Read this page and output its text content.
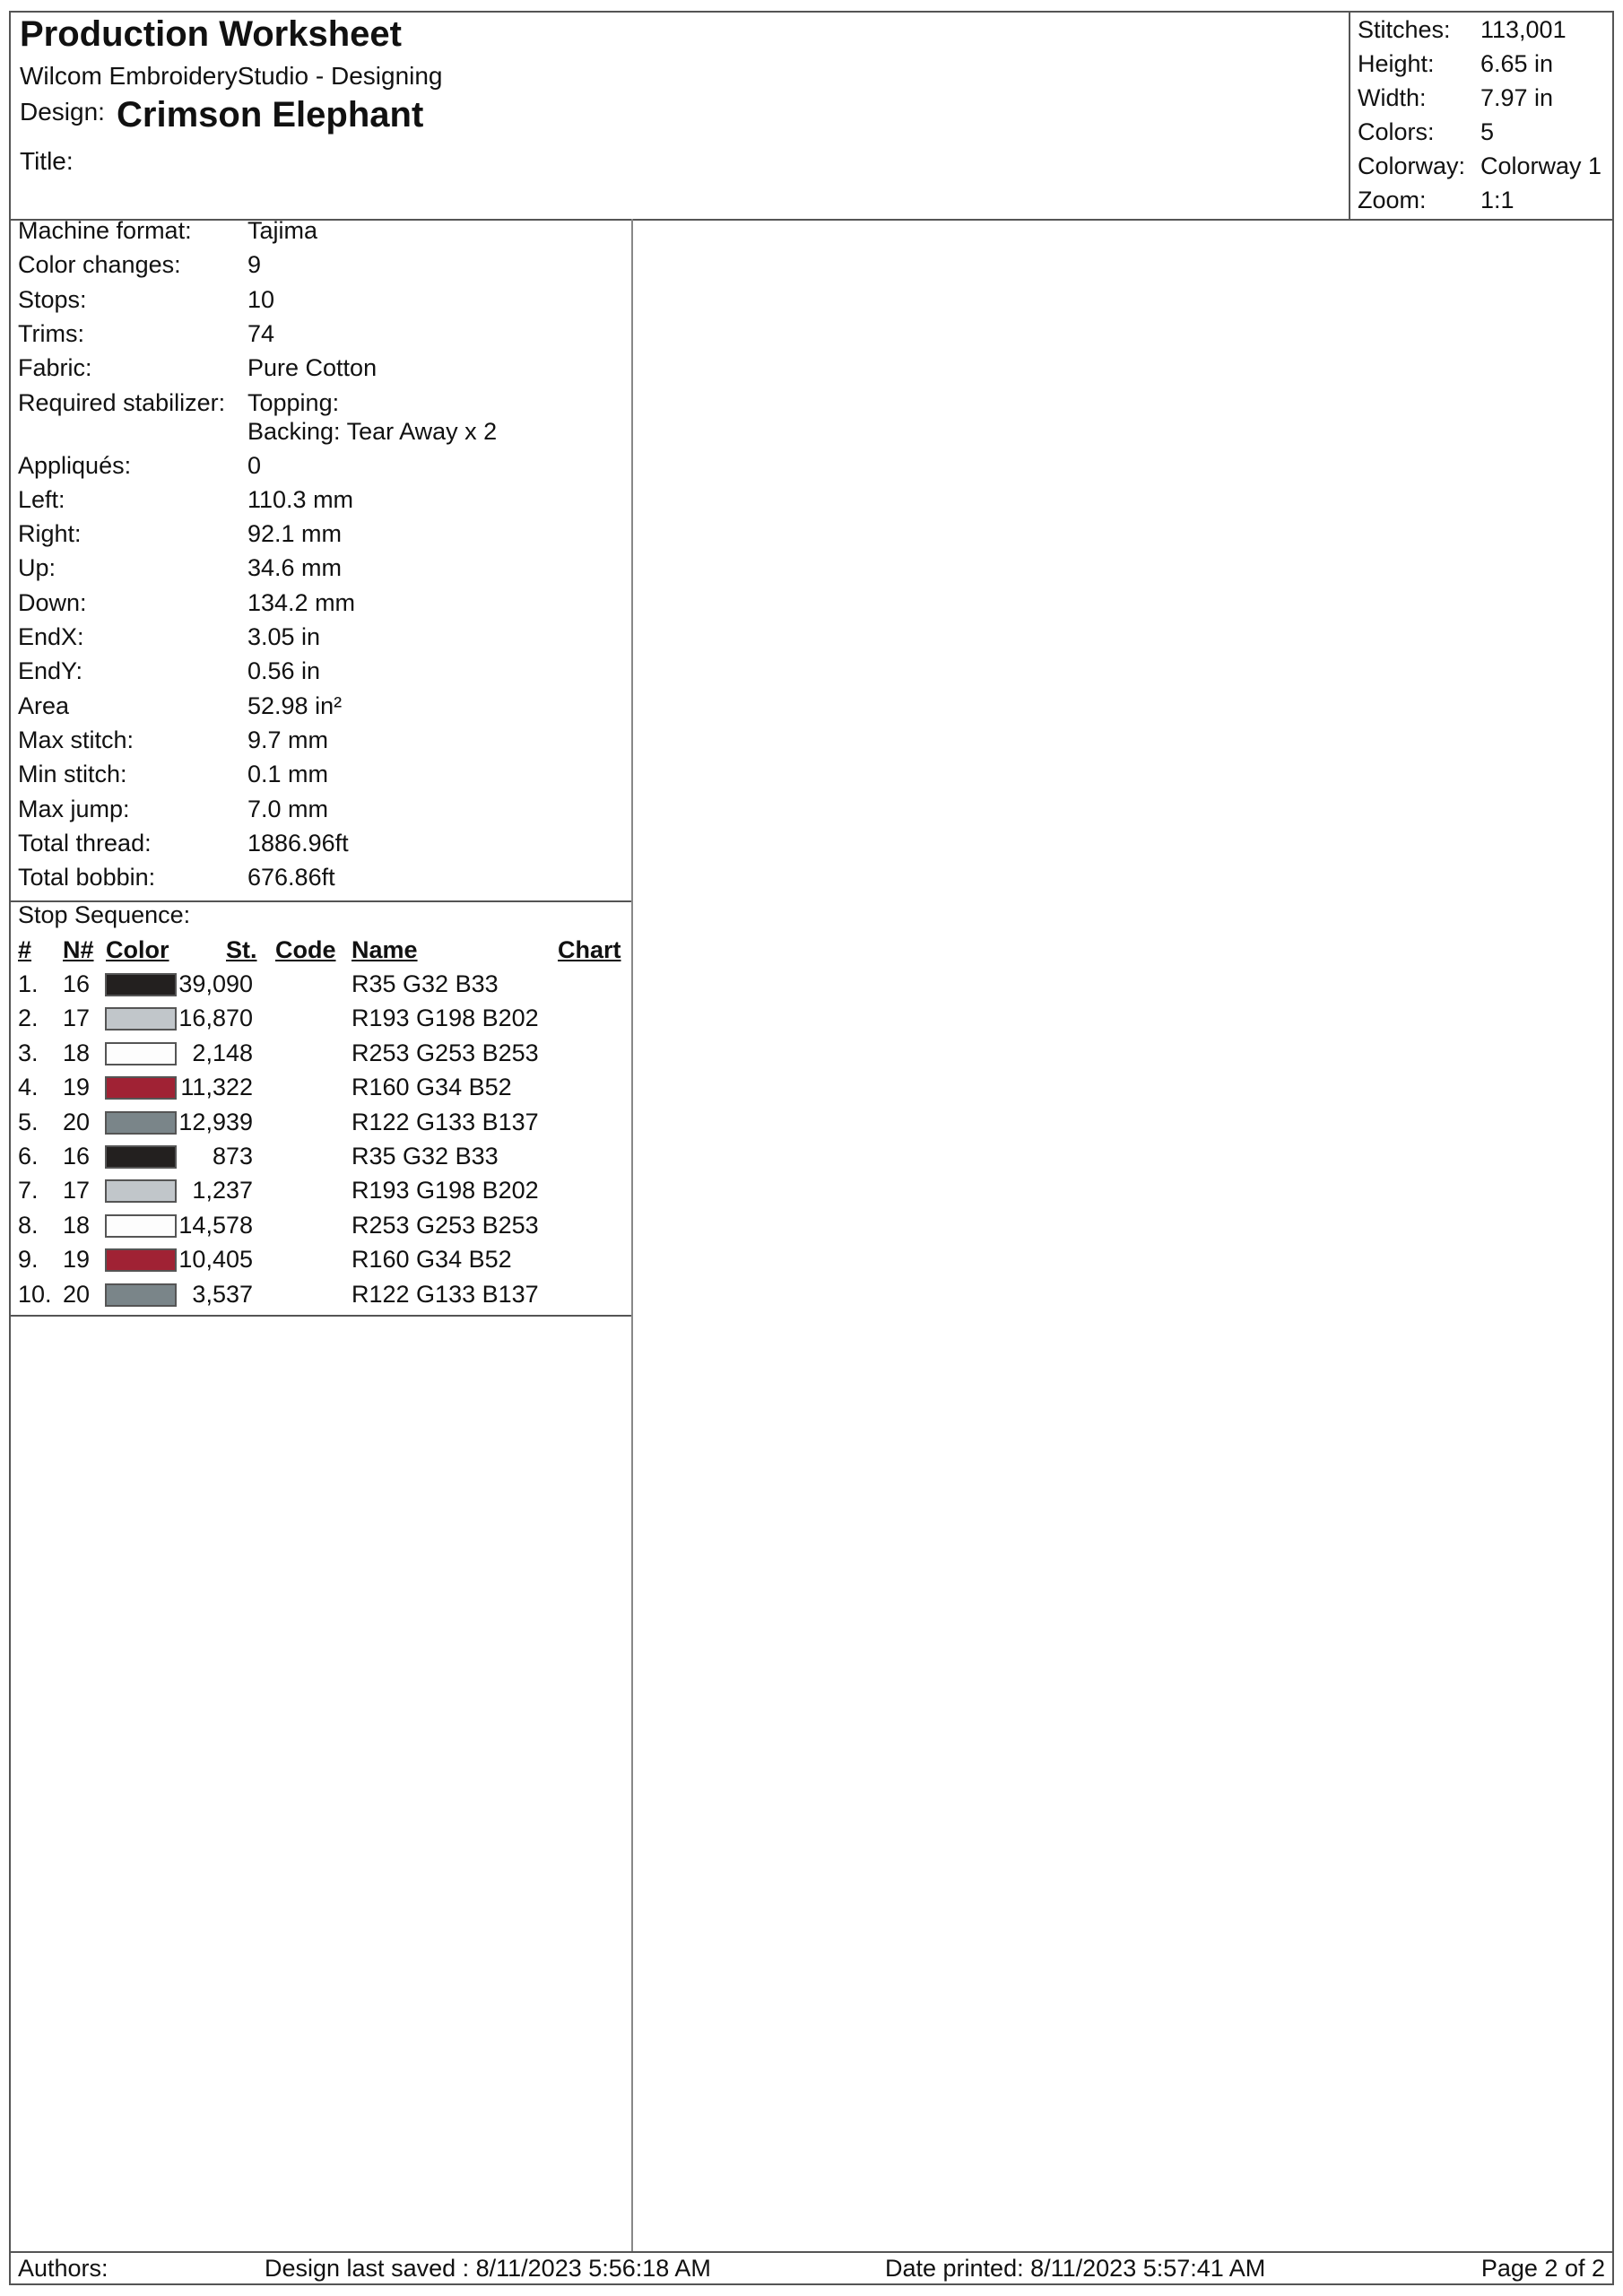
Production Worksheet
Wilcom EmbroideryStudio - Designing
Design: Crimson Elephant
Title:
Stitches: 113,001
Height: 6.65 in
Width: 7.97 in
Colors: 5
Colorway: Colorway 1
Zoom: 1:1
Machine format: Tajima
Color changes:	9
Stops:	10
Trims:	74
Fabric:	Pure Cotton
Required stabilizer: Topping:
Backing: Tear Away x 2
Appliqués:	0
Left:	110.3 mm
Right:	92.1 mm
Up:	34.6 mm
Down:	134.2 mm
EndX:	3.05 in
EndY:	0.56 in
Area	52.98 in²
Max stitch:	9.7 mm
Min stitch:	0.1 mm
Max jump:	7.0 mm
Total thread:	1886.96ft
Total bobbin:	676.86ft
Stop Sequence:
# N# Color St. Code Name	Chart
1. 16	39,090	R35 G32 B33
2. 17	16,870	R193 G198 B202
3. 18	2,148	R253 G253 B253
4. 19	11,322	R160 G34 B52
5. 20	12,939	R122 G133 B137
6. 16	873	R35 G32 B33
7. 17	1,237	R193 G198 B202
8. 18	14,578	R253 G253 B253
9. 19	10,405	R160 G34 B52
10. 20	3,537	R122 G133 B137
Authors:	Design last saved : 8/11/2023 5:56:18 AM	Date printed: 8/11/2023 5:57:41 AM	Page 2 of 2
